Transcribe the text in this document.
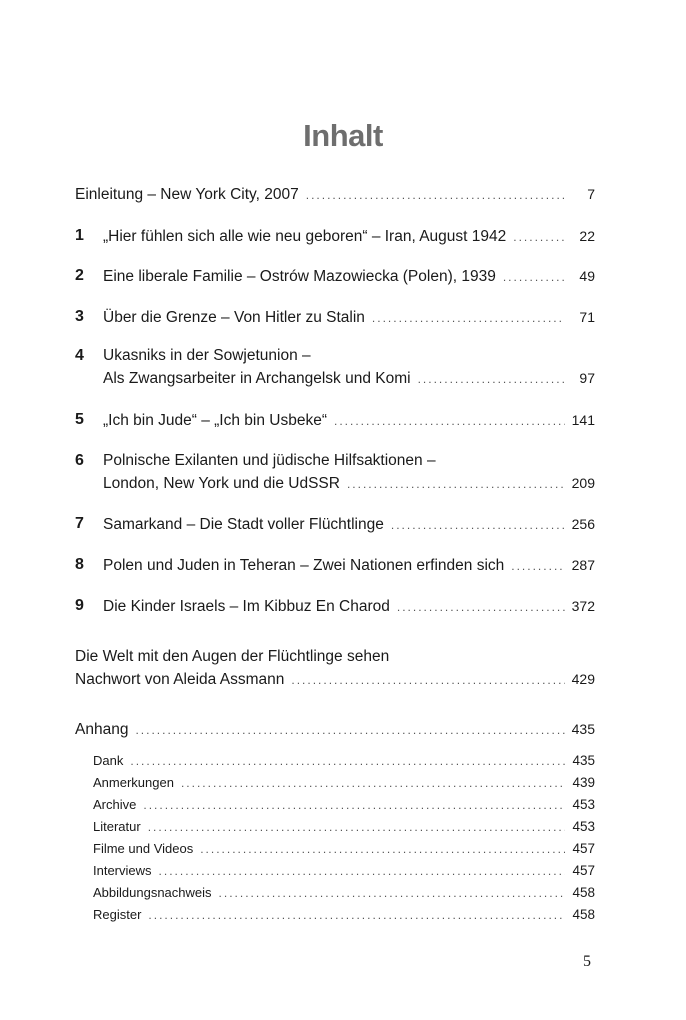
Inhalt
Einleitung – New York City, 2007 .....	7
1 „Hier fühlen sich alle wie neu geboren“ – Iran, August 1942 .....	22
2 Eine liberale Familie – Ostrów Mazowiecka (Polen), 1939 .....	49
3 Über die Grenze – Von Hitler zu Stalin .....	71
4 Ukasniks in der Sowjetunion –
Als Zwangsarbeiter in Archangelsk und Komi .....	97
5 „Ich bin Jude“ – „Ich bin Usbeke“ .....	141
6 Polnische Exilanten und jüdische Hilfsaktionen –
London, New York und die UdSSR .....	209
7 Samarkand – Die Stadt voller Flüchtlinge .....	256
8 Polen und Juden in Teheran – Zwei Nationen erfinden sich .....	287
9 Die Kinder Israels – Im Kibbuz En Charod .....	372
Die Welt mit den Augen der Flüchtlinge sehen
Nachwort von Aleida Assmann .....	429
Anhang .....	435
Dank .....	435
Anmerkungen .....	439
Archive .....	453
Literatur .....	453
Filme und Videos .....	457
Interviews .....	457
Abbildungsnachweis .....	458
Register .....	458
5
